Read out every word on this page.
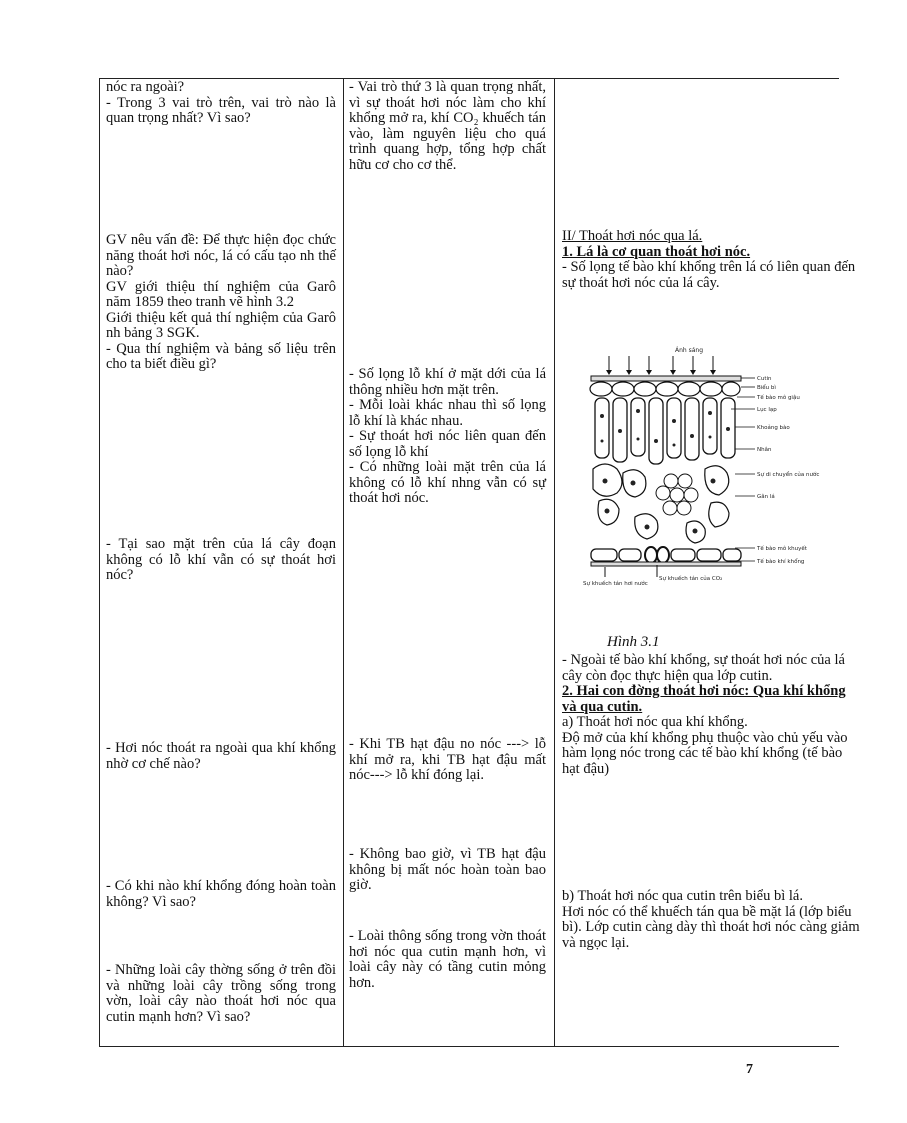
nóc ra ngoài?

- Trong 3 vai trò trên, vai trò nào là quan trọng nhất? Vì sao?

GV nêu vấn đề: Để thực hiện đọc chức năng thoát hơi nóc, lá có cấu tạo nh thế nào?

GV giới thiệu thí nghiệm của Garô năm 1859 theo tranh vẽ hình 3.2

Giới thiệu kết quả thí nghiệm của Garô nh bảng 3 SGK.

- Qua thí nghiệm và bảng số liệu trên cho ta biết điều gì?

- Tại sao mặt trên của lá cây đoạn không có lỗ khí vẫn có sự thoát hơi nóc?

- Hơi nóc thoát ra ngoài qua khí khổng nhờ cơ chế nào?

- Có khi nào khí khổng đóng hoàn toàn không? Vì sao?

- Những loài cây thờng sống ở trên đồi và những loài cây trồng sống trong vờn, loài cây nào thoát hơi nóc qua cutin mạnh hơn? Vì sao?

- Vai trò thứ 3 là quan trọng nhất, vì sự thoát hơi nóc làm cho khí khổng mở ra, khí CO₂ khuếch tán vào, làm nguyên liệu cho quá trình quang hợp, tổng hợp chất hữu cơ cho cơ thể.

- Số lọng lỗ khí ở mặt dới của lá thông nhiều hơn mặt trên.

- Mỗi loài khác nhau thì số lọng lỗ khí là khác nhau.

- Sự thoát hơi nóc liên quan đến số lọng lỗ khí

- Có những loài mặt trên của lá không có lỗ khí nhng vẫn có sự thoát hơi nóc.

- Khi TB hạt đậu no nóc ---> lỗ khí mở ra, khi TB hạt đậu mất nóc---> lỗ khí đóng lại.

- Không bao giờ, vì TB hạt đậu không bị mất nóc hoàn toàn bao giờ.

- Loài thông sống trong vờn thoát hơi nóc qua cutin mạnh hơn, vì loài cây này có tầng cutin mỏng hơn.

II/ Thoát hơi nóc qua lá.

1. Lá là cơ quan thoát hơi nóc.

- Số lọng tế bào khí khổng trên lá có liên quan đến sự thoát hơi nóc của lá cây.

Ánh sáng
Cutin
Biểu bì
Tế bào mô giậu
Lục lạp
Khoảng bào
Nhân
Sự di chuyển của nước
Gân lá
Tế bào mô khuyết
Tế bào khí khổng
Sự khuếch tán hơi nước
Sự khuếch tán của CO₂

Hình 3.1

- Ngoài tế bào khí khổng, sự thoát hơi nóc của lá cây còn đọc thực hiện qua lớp cutin.

2. Hai con đờng thoát hơi nóc: Qua khí khổng và qua cutin.

a) Thoát hơi nóc qua khí khổng.

Độ mở của khí khổng phụ thuộc vào chủ yếu vào hàm lọng nóc trong các tế bào khí khổng (tế bào hạt đậu)

b) Thoát hơi nóc qua cutin trên biểu bì lá.

Hơi nóc có thể khuếch tán qua bề mặt lá (lớp biểu bì). Lớp cutin càng dày thì thoát hơi nóc càng giảm và ngọc lại.

7
